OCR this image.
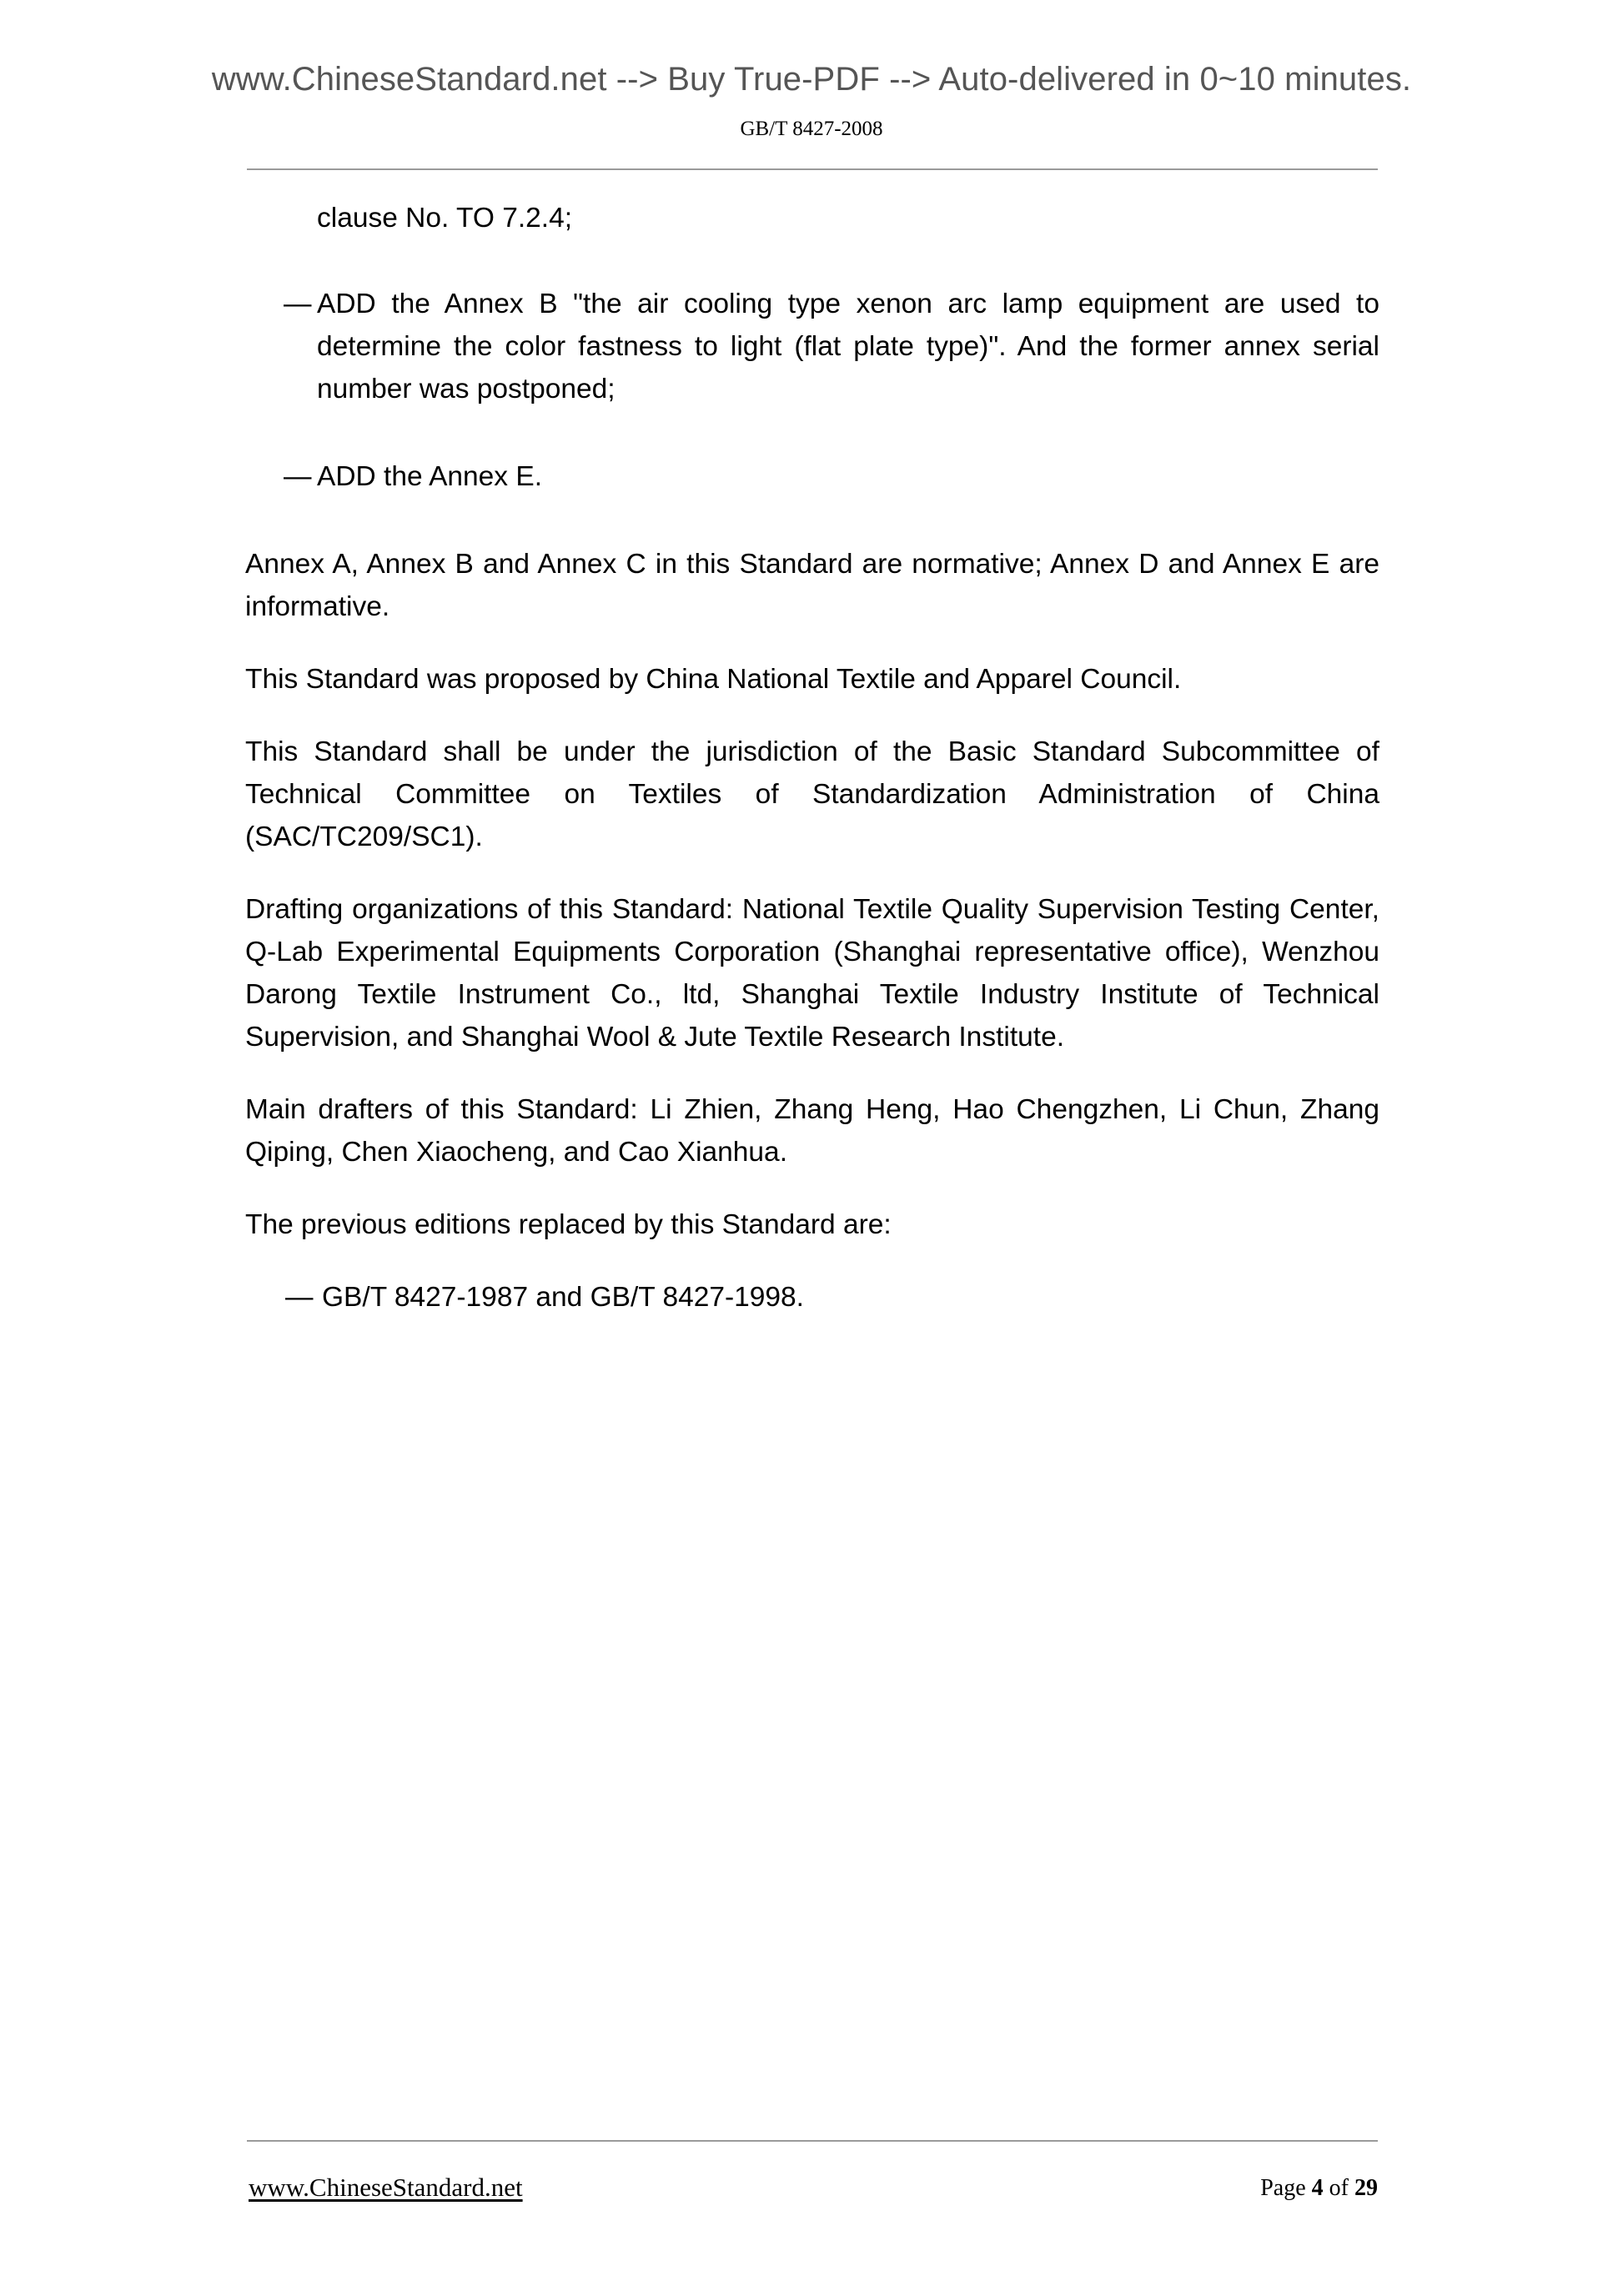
www.ChineseStandard.net --> Buy True-PDF --> Auto-delivered in 0~10 minutes.
GB/T 8427-2008

clause No. TO 7.2.4;

— ADD the Annex B "the air cooling type xenon arc lamp equipment are used to determine the color fastness to light (flat plate type)". And the former annex serial number was postponed;
— ADD the Annex E.

Annex A, Annex B and Annex C in this Standard are normative; Annex D and Annex E are informative.

This Standard was proposed by China National Textile and Apparel Council.

This Standard shall be under the jurisdiction of the Basic Standard Subcommittee of Technical Committee on Textiles of Standardization Administration of China (SAC/TC209/SC1).

Drafting organizations of this Standard: National Textile Quality Supervision Testing Center, Q-Lab Experimental Equipments Corporation (Shanghai representative office), Wenzhou Darong Textile Instrument Co., ltd, Shanghai Textile Industry Institute of Technical Supervision, and Shanghai Wool & Jute Textile Research Institute.

Main drafters of this Standard: Li Zhien, Zhang Heng, Hao Chengzhen, Li Chun, Zhang Qiping, Chen Xiaocheng, and Cao Xianhua.

The previous editions replaced by this Standard are:

— GB/T 8427-1987 and GB/T 8427-1998.
www.ChineseStandard.net	Page 4 of 29
